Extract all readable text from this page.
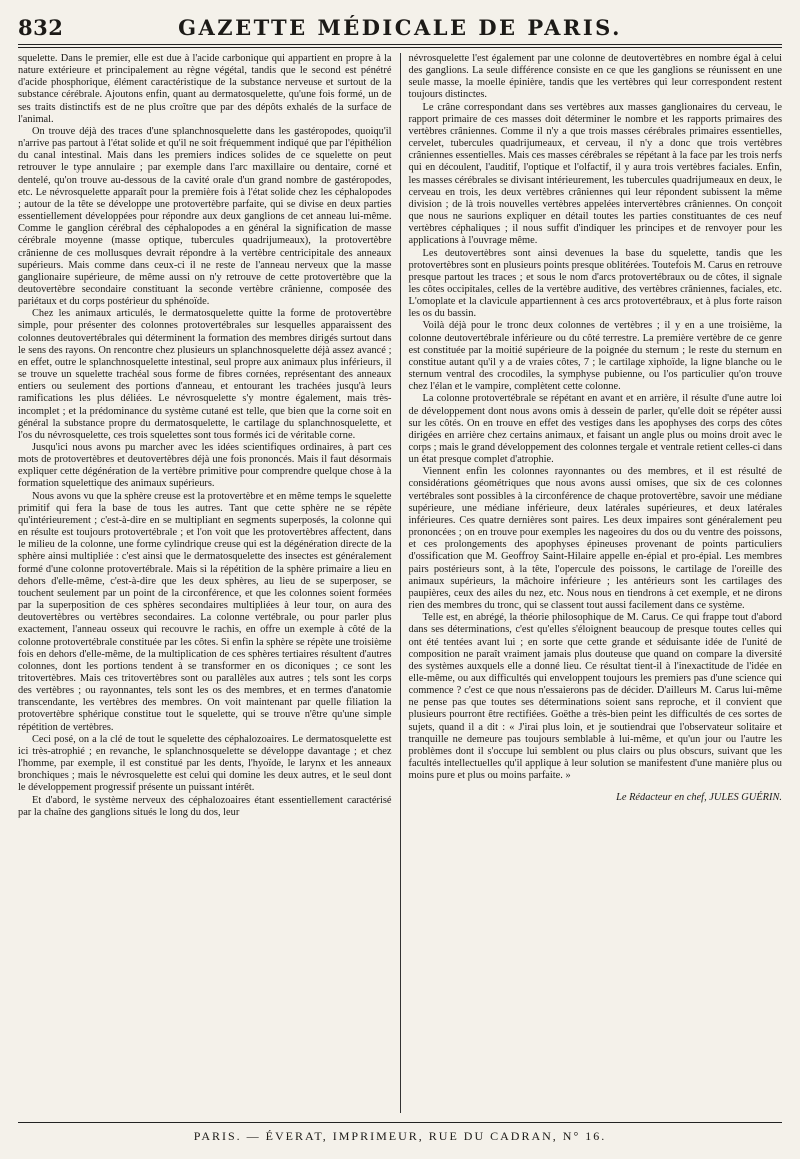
832	GAZETTE MÉDICALE DE PARIS.

squelette. Dans le premier, elle est due à l'acide carbonique qui appartient en propre à la nature extérieure et principalement au règne végétal, tandis que le second est pénétré d'acide phosphorique, élément caractéristique de la substance nerveuse et surtout de la substance cérébrale. Ajoutons enfin, quant au dermatosquelette, qu'une fois formé, un de ses traits distinctifs est de ne plus croître que par des dépôts exhalés de la surface de l'animal.

On trouve déjà des traces d'une splanchnosquelette dans les gastéropodes, quoiqu'il n'arrive pas partout à l'état solide et qu'il ne soit fréquemment indiqué que par l'épithélion du canal intestinal. Mais dans les premiers indices solides de ce squelette on peut retrouver le type annulaire ; par exemple dans l'arc maxillaire ou dentaire, corné et dentelé, qu'on trouve au-dessous de la cavité orale d'un grand nombre de gastéropodes, etc. Le névrosquelette apparaît pour la première fois à l'état solide chez les céphalopodes ; autour de la tête se développe une protovertèbre parfaite, qui se divise en deux parties essentiellement développées pour répondre aux deux ganglions de cet anneau lui-même. Comme le ganglion cérébral des céphalopodes a en général la signification de masse cérébrale moyenne (masse optique, tubercules quadrijumeaux), la protovertèbre crânienne de ces mollusques devrait répondre à la vertèbre centricipitale des anneaux supérieurs. Mais comme dans ceux-ci il ne reste de l'anneau nerveux que la masse ganglionaire supérieure, de même aussi on n'y retrouve de cette protovertèbre que la deutovertèbre secondaire constituant la seconde vertèbre crânienne, composée des pariétaux et du corps postérieur du sphénoïde.

Chez les animaux articulés, le dermatosquelette quitte la forme de protovertèbre simple, pour présenter des colonnes protovertébrales sur lesquelles apparaissent des colonnes deutovertébrales qui déterminent la formation des membres dirigés surtout dans le sens des rayons. On rencontre chez plusieurs un splanchnosquelette déjà assez avancé ; en effet, outre le splanchnosquelette intestinal, seul propre aux animaux plus inférieurs, il se trouve un squelette trachéal sous forme de fibres cornées, représentant des anneaux entiers ou seulement des portions d'anneau, et entourant les trachées jusqu'à leurs ramifications les plus déliées. Le névrosquelette s'y montre également, mais très-incomplet ; et la prédominance du système cutané est telle, que bien que la corne soit en général la substance propre du dermatosquelette, le cartilage du splanchnosquelette, et l'os du névrosquelette, ces trois squelettes sont tous formés ici de véritable corne.

Jusqu'ici nous avons pu marcher avec les idées scientifiques ordinaires, à part ces mots de protovertèbres et deutovertèbres déjà une fois prononcés. Mais il faut désormais expliquer cette dégénération de la vertèbre primitive pour comprendre quelque chose à la formation squelettique des animaux supérieurs.

Nous avons vu que la sphère creuse est la protovertèbre et en même temps le squelette primitif qui fera la base de tous les autres. Tant que cette sphère ne se répète qu'intérieurement ; c'est-à-dire en se multipliant en segments superposés, la colonne qui en résulte est toujours protovertébrale ; et l'on voit que les protovertèbres affectent, dans le milieu de la colonne, une forme cylindrique creuse qui est la dégénération directe de la sphère ainsi multipliée : c'est ainsi que le dermatosquelette des insectes est généralement formé d'une colonne protovertébrale. Mais si la répétition de la sphère primaire a lieu en dehors d'elle-même, c'est-à-dire que les deux sphères, au lieu de se superposer, se touchent seulement par un point de la circonférence, et que les colonnes soient formées par la superposition de ces sphères secondaires multipliées à leur tour, on aura des deutovertèbres ou vertèbres secondaires. La colonne vertébrale, ou pour parler plus exactement, l'anneau osseux qui recouvre le rachis, en offre un exemple à côté de la colonne protovertébrale constituée par les côtes. Si enfin la sphère se répète une troisième fois en dehors d'elle-même, de la multiplication de ces sphères tertiaires résultent d'autres colonnes, dont les portions tendent à se transformer en os diconiques ; ce sont les tritovertèbres. Mais ces tritovertèbres sont ou parallèles aux autres ; tels sont les corps des vertèbres ; ou rayonnantes, tels sont les os des membres, et en termes d'anatomie transcendante, les vertèbres des membres. On voit maintenant par quelle filiation la protovertèbre sphérique constitue tout le squelette, qui se trouve n'être qu'une simple répétition de vertèbres.

Ceci posé, on a la clé de tout le squelette des céphalozoaires. Le dermatosquelette est ici très-atrophié ; en revanche, le splanchnosquelette se développe davantage ; et chez l'homme, par exemple, il est constitué par les dents, l'hyoïde, le larynx et les anneaux bronchiques ; mais le névrosquelette est celui qui domine les deux autres, et le seul dont le développement progressif présente un puissant intérêt.

Et d'abord, le système nerveux des céphalozoaires étant essentiellement caractérisé par la chaîne des ganglions situés le long du dos, leur

névrosquelette l'est également par une colonne de deutovertèbres en nombre égal à celui des ganglions. La seule différence consiste en ce que les ganglions se réunissent en une seule masse, la moelle épinière, tandis que les vertèbres qui leur correspondent restent toujours distinctes.

Le crâne correspondant dans ses vertèbres aux masses ganglionaires du cerveau, le rapport primaire de ces masses doit déterminer le nombre et les rapports primaires des vertèbres crâniennes. Comme il n'y a que trois masses cérébrales primaires essentielles, cervelet, tubercules quadrijumeaux, et cerveau, il n'y a donc que trois vertèbres crâniennes essentielles. Mais ces masses cérébrales se répétant à la face par les trois nerfs qui en découlent, l'auditif, l'optique et l'olfactif, il y aura trois vertèbres faciales. Enfin, les masses cérébrales se divisant intérieurement, les tubercules quadrijumeaux en deux, le cerveau en trois, les deux vertèbres crâniennes qui leur répondent subissent la même division ; de là trois nouvelles vertèbres appelées intervertèbres crâniennes. On conçoit que nous ne saurions expliquer en détail toutes les parties constituantes de ces neuf vertèbres céphaliques ; il nous suffit d'indiquer les principes et de renvoyer pour les applications à l'ouvrage même.

Les deutovertèbres sont ainsi devenues la base du squelette, tandis que les protovertèbres sont en plusieurs points presque oblitérées. Toutefois M. Carus en retrouve presque partout les traces ; et sous le nom d'arcs protovertébraux ou de côtes, il signale les côtes occipitales, celles de la vertèbre auditive, des vertèbres crâniennes, faciales, etc. L'omoplate et la clavicule appartiennent à ces arcs protovertébraux, et à plus forte raison les os du bassin.

Voilà déjà pour le tronc deux colonnes de vertèbres ; il y en a une troisième, la colonne deutovertébrale inférieure ou du côté terrestre. La première vertèbre de ce genre est constituée par la moitié supérieure de la poignée du sternum ; le reste du sternum en constitue autant qu'il y a de vraies côtes, 7 ; le cartilage xiphoïde, la ligne blanche ou le sternum ventral des crocodiles, la symphyse pubienne, ou l'os particulier qu'on trouve chez l'élan et le vampire, complètent cette colonne.

La colonne protovertébrale se répétant en avant et en arrière, il résulte d'une autre loi de développement dont nous avons omis à dessein de parler, qu'elle doit se répéter aussi sur les côtés. On en trouve en effet des vestiges dans les apophyses des corps des côtes dirigées en arrière chez certains animaux, et faisant un angle plus ou moins droit avec le corps ; mais le grand développement des colonnes tergale et ventrale retient celles-ci dans un état presque complet d'atrophie.

Viennent enfin les colonnes rayonnantes ou des membres, et il est résulté de considérations géométriques que nous avons aussi omises, que six de ces colonnes vertébrales sont possibles à la circonférence de chaque protovertèbre, savoir une médiane supérieure, une médiane inférieure, deux latérales supérieures, et deux latérales inférieures. Ces quatre dernières sont paires. Les deux impaires sont généralement peu prononcées ; on en trouve pour exemples les nageoires du dos ou du ventre des poissons, et ces prolongements des apophyses épineuses provenant de points particuliers d'ossification que M. Geoffroy Saint-Hilaire appelle en-épial et pro-épial. Les membres pairs postérieurs sont, à la tête, l'opercule des poissons, le cartilage de l'oreille des animaux supérieurs, la mâchoire inférieure ; les antérieurs sont les cartilages des paupières, ceux des ailes du nez, etc. Nous nous en tiendrons à cet exemple, et ne dirons rien des membres du tronc, qui se classent tout aussi facilement dans ce système.

Telle est, en abrégé, la théorie philosophique de M. Carus. Ce qui frappe tout d'abord dans ses déterminations, c'est qu'elles s'éloignent beaucoup de presque toutes celles qui ont été tentées avant lui ; en sorte que cette grande et séduisante idée de l'unité de composition ne paraît vraiment jamais plus douteuse que quand on compare la diversité des systèmes auxquels elle a donné lieu. Ce résultat tient-il à l'inexactitude de l'idée en elle-même, ou aux difficultés qui enveloppent toujours les premiers pas d'une science qui commence ? c'est ce que nous n'essaierons pas de décider. D'ailleurs M. Carus lui-même ne pense pas que toutes ses déterminations soient sans reproche, et il convient que plusieurs pourront être rectifiées. Goëthe a très-bien peint les difficultés de ces sortes de sujets, quand il a dit : « J'irai plus loin, et je soutiendrai que l'observateur solitaire et tranquille ne demeure pas toujours semblable à lui-même, et qu'un jour ou l'autre les problèmes dont il s'occupe lui semblent ou plus clairs ou plus obscurs, suivant que les facultés intellectuelles qu'il applique à leur solution se manifestent d'une manière plus ou moins pure et plus ou moins parfaite. »

Le Rédacteur en chef, JULES GUÉRIN.

PARIS. — ÉVERAT, IMPRIMEUR, RUE DU CADRAN, N° 16.
